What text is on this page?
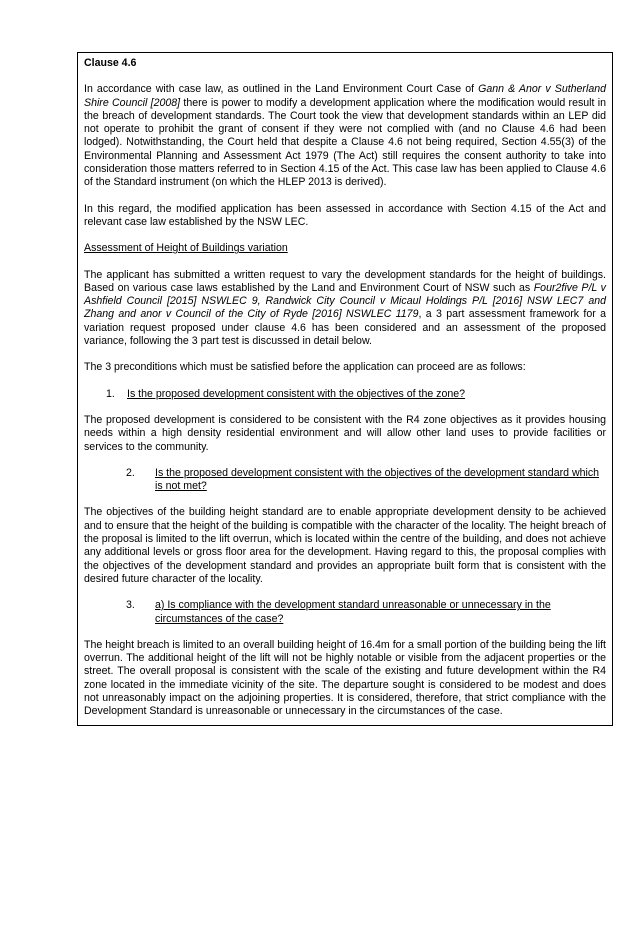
Clause 4.6

In accordance with case law, as outlined in the Land Environment Court Case of Gann & Anor v Sutherland Shire Council [2008] there is power to modify a development application where the modification would result in the breach of development standards. The Court took the view that development standards within an LEP did not operate to prohibit the grant of consent if they were not complied with (and no Clause 4.6 had been lodged). Notwithstanding, the Court held that despite a Clause 4.6 not being required, Section 4.55(3) of the Environmental Planning and Assessment Act 1979 (The Act) still requires the consent authority to take into consideration those matters referred to in Section 4.15 of the Act. This case law has been applied to Clause 4.6 of the Standard instrument (on which the HLEP 2013 is derived).

In this regard, the modified application has been assessed in accordance with Section 4.15 of the Act and relevant case law established by the NSW LEC.

Assessment of Height of Buildings variation

The applicant has submitted a written request to vary the development standards for the height of buildings. Based on various case laws established by the Land and Environment Court of NSW such as Four2five P/L v Ashfield Council [2015] NSWLEC 9, Randwick City Council v Micaul Holdings P/L [2016] NSW LEC7 and Zhang and anor v Council of the City of Ryde [2016] NSWLEC 1179, a 3 part assessment framework for a variation request proposed under clause 4.6 has been considered and an assessment of the proposed variance, following the 3 part test is discussed in detail below.

The 3 preconditions which must be satisfied before the application can proceed are as follows:

1.	Is the proposed development consistent with the objectives of the zone?

The proposed development is considered to be consistent with the R4 zone objectives as it provides housing needs within a high density residential environment and will allow other land uses to provide facilities or services to the community.

2.	Is the proposed development consistent with the objectives of the development standard which is not met?

The objectives of the building height standard are to enable appropriate development density to be achieved and to ensure that the height of the building is compatible with the character of the locality. The height breach of the proposal is limited to the lift overrun, which is located within the centre of the building, and does not achieve any additional levels or gross floor area for the development. Having regard to this, the proposal complies with the objectives of the development standard and provides an appropriate built form that is consistent with the desired future character of the locality.

3.	a) Is compliance with the development standard unreasonable or unnecessary in the circumstances of the case?

The height breach is limited to an overall building height of 16.4m for a small portion of the building being the lift overrun. The additional height of the lift will not be highly notable or visible from the adjacent properties or the street. The overall proposal is consistent with the scale of the existing and future development within the R4 zone located in the immediate vicinity of the site. The departure sought is considered to be modest and does not unreasonably impact on the adjoining properties. It is considered, therefore, that strict compliance with the Development Standard is unreasonable or unnecessary in the circumstances of the case.
